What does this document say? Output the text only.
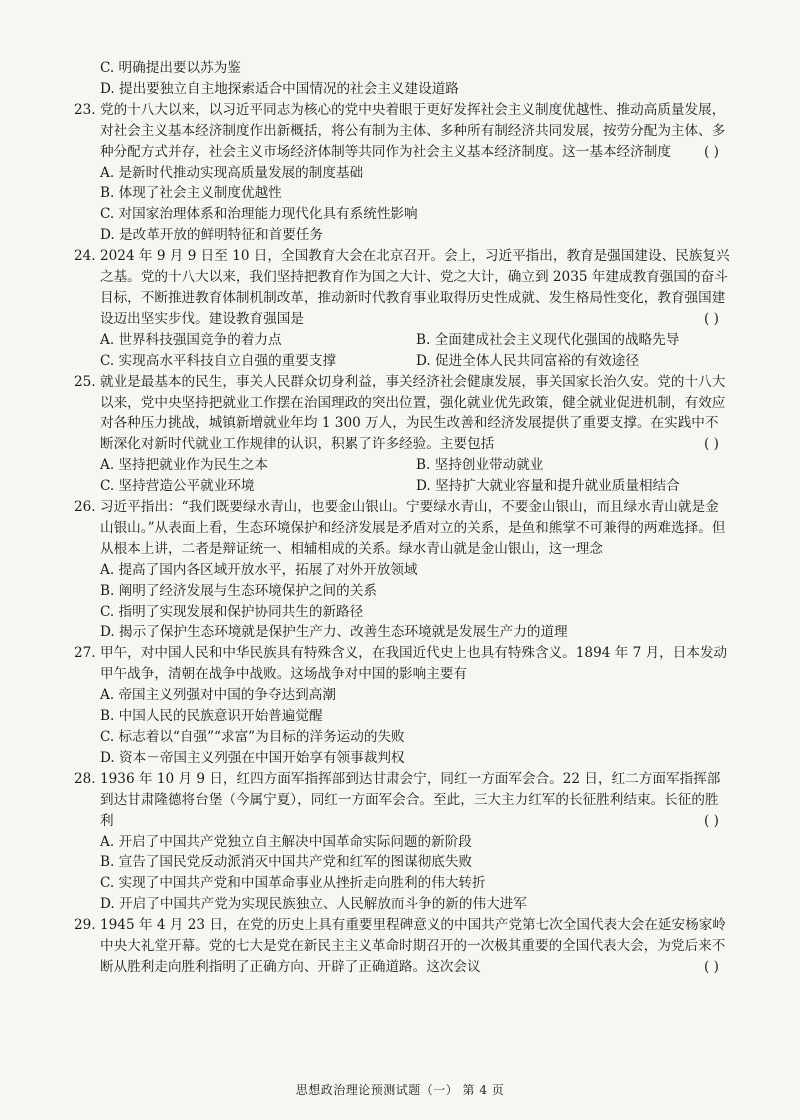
C. 明确提出要以苏为鉴
D. 提出要独立自主地探索适合中国情况的社会主义建设道路
23. 党的十八大以来，以习近平同志为核心的党中央着眼于更好发挥社会主义制度优越性、推动高质量发展，对社会主义基本经济制度作出新概括，将公有制为主体、多种所有制经济共同发展，按劳分配为主体、多种分配方式并存，社会主义市场经济体制等共同作为社会主义基本经济制度。这一基本经济制度 ( )
A. 是新时代推动实现高质量发展的制度基础
B. 体现了社会主义制度优越性
C. 对国家治理体系和治理能力现代化具有系统性影响
D. 是改革开放的鲜明特征和首要任务
24. 2024 年 9 月 9 日至 10 日，全国教育大会在北京召开。会上，习近平指出，教育是强国建设、民族复兴之基。党的十八大以来，我们坚持把教育作为国之大计、党之大计，确立到 2035 年建成教育强国的奋斗目标，不断推进教育体制机制改革，推动新时代教育事业取得历史性成就、发生格局性变化，教育强国建设迈出坚实步伐。建设教育强国是	( )
A. 世界科技强国竞争的着力点	B. 全面建成社会主义现代化强国的战略先导
C. 实现高水平科技自立自强的重要支撑	D. 促进全体人民共同富裕的有效途径
25. 就业是最基本的民生，事关人民群众切身利益，事关经济社会健康发展，事关国家长治久安。党的十八大以来，党中央坚持把就业工作摆在治国理政的突出位置，强化就业优先政策，健全就业促进机制，有效应对各种压力挑战，城镇新增就业年均 1 300 万人，为民生改善和经济发展提供了重要支撑。在实践中不断深化对新时代就业工作规律的认识，积累了许多经验。主要包括	( )
A. 坚持把就业作为民生之本	B. 坚持创业带动就业
C. 坚持营造公平就业环境	D. 坚持扩大就业容量和提升就业质量相结合
26. 习近平指出：“我们既要绿水青山，也要金山银山。宁要绿水青山，不要金山银山，而且绿水青山就是金山银山。”从表面上看，生态环境保护和经济发展是矛盾对立的关系，是鱼和熊掌不可兼得的两难选择。但从根本上讲，二者是辩证统一、相辅相成的关系。绿水青山就是金山银山，这一理念
A. 提高了国内各区域开放水平，拓展了对外开放领域
B. 阐明了经济发展与生态环境保护之间的关系
C. 指明了实现发展和保护协同共生的新路径
D. 揭示了保护生态环境就是保护生产力、改善生态环境就是发展生产力的道理
27. 甲午，对中国人民和中华民族具有特殊含义，在我国近代史上也具有特殊含义。1894 年 7 月，日本发动甲午战争，清朝在战争中战败。这场战争对中国的影响主要有
A. 帝国主义列强对中国的争夺达到高潮
B. 中国人民的民族意识开始普遍觉醒
C. 标志着以“自强”“求富”为目标的洋务运动的失败
D. 资本－帝国主义列强在中国开始享有领事裁判权
28. 1936 年 10 月 9 日，红四方面军指挥部到达甘肃会宁，同红一方面军会合。22 日，红二方面军指挥部到达甘肃隆德将台堡（今属宁夏），同红一方面军会合。至此，三大主力红军的长征胜利结束。长征的胜利	( )
A. 开启了中国共产党独立自主解决中国革命实际问题的新阶段
B. 宣告了国民党反动派消灭中国共产党和红军的图谋彻底失败
C. 实现了中国共产党和中国革命事业从挫折走向胜利的伟大转折
D. 开启了中国共产党为实现民族独立、人民解放而斗争的新的伟大进军
29. 1945 年 4 月 23 日，在党的历史上具有重要里程碑意义的中国共产党第七次全国代表大会在延安杨家岭中央大礼堂开幕。党的七大是党在新民主主义革命时期召开的一次极其重要的全国代表大会，为党后来不断从胜利走向胜利指明了正确方向、开辟了正确道路。这次会议	( )
思想政治理论预测试题（一） 第 4 页
